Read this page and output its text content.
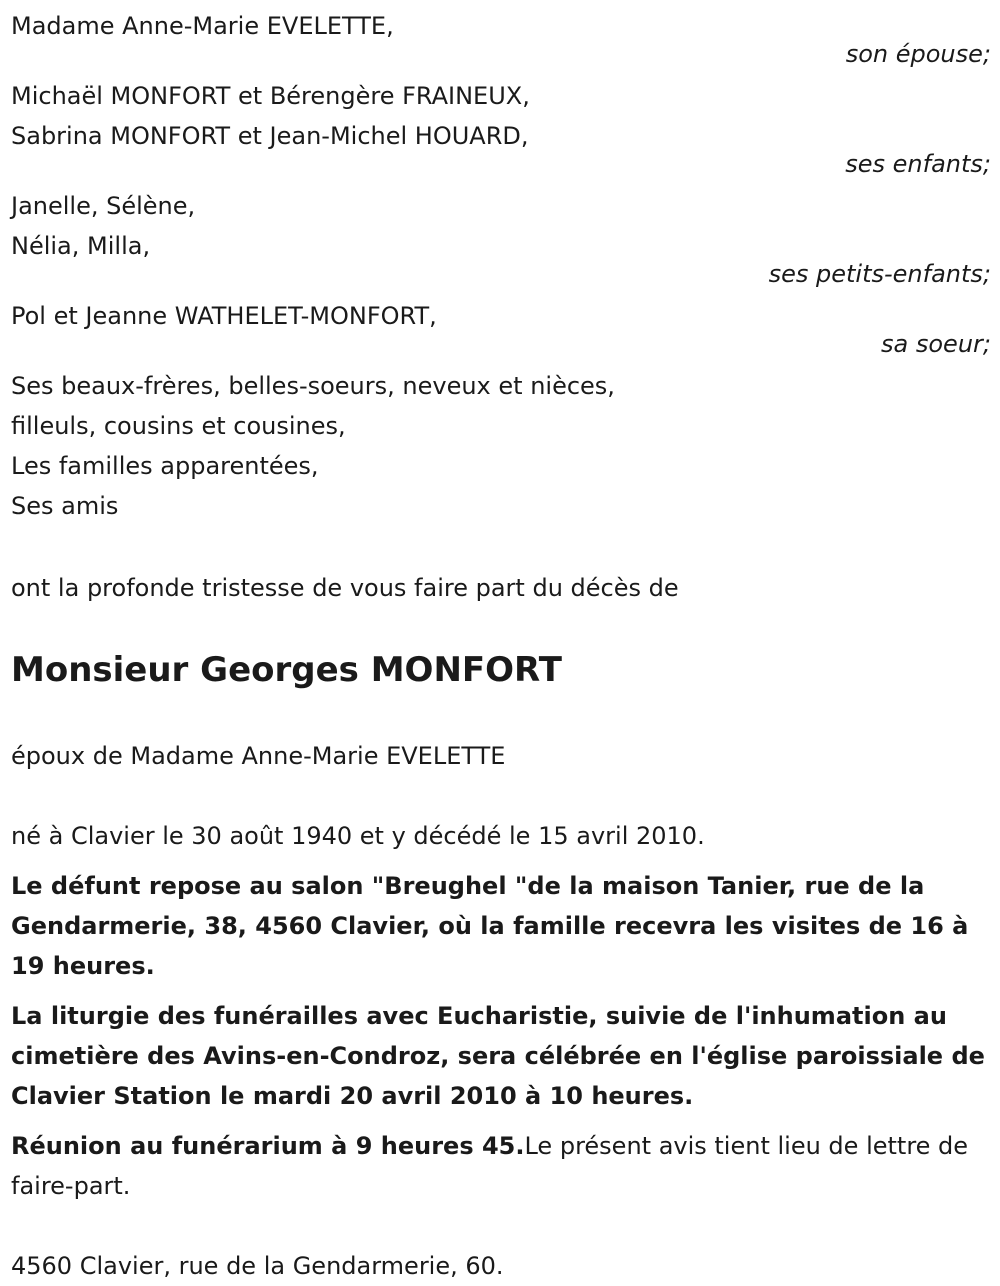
Madame Anne-Marie EVELETTE,
son épouse;
Michaël MONFORT et Bérengère FRAINEUX,
Sabrina MONFORT et Jean-Michel HOUARD,
ses enfants;
Janelle, Sélène,
Nélia, Milla,
ses petits-enfants;
Pol et Jeanne WATHELET-MONFORT,
sa soeur;
Ses beaux-frères, belles-soeurs, neveux et nièces,
filleuls, cousins et cousines,
Les familles apparentées,
Ses amis
ont la profonde tristesse de vous faire part du décès de
Monsieur Georges MONFORT
époux de Madame Anne-Marie EVELETTE
né à Clavier le 30 août 1940 et y décédé le 15 avril 2010.
Le défunt repose au salon "Breughel "de la maison Tanier, rue de la Gendarmerie, 38, 4560 Clavier, où la famille recevra les visites de 16 à 19 heures.
La liturgie des funérailles avec Eucharistie, suivie de l'inhumation au cimetière des Avins-en-Condroz, sera célébrée en l'église paroissiale de Clavier Station le mardi 20 avril 2010 à 10 heures.
Réunion au funérarium à 9 heures 45.Le présent avis tient lieu de lettre de faire-part.
4560 Clavier, rue de la Gendarmerie, 60.
